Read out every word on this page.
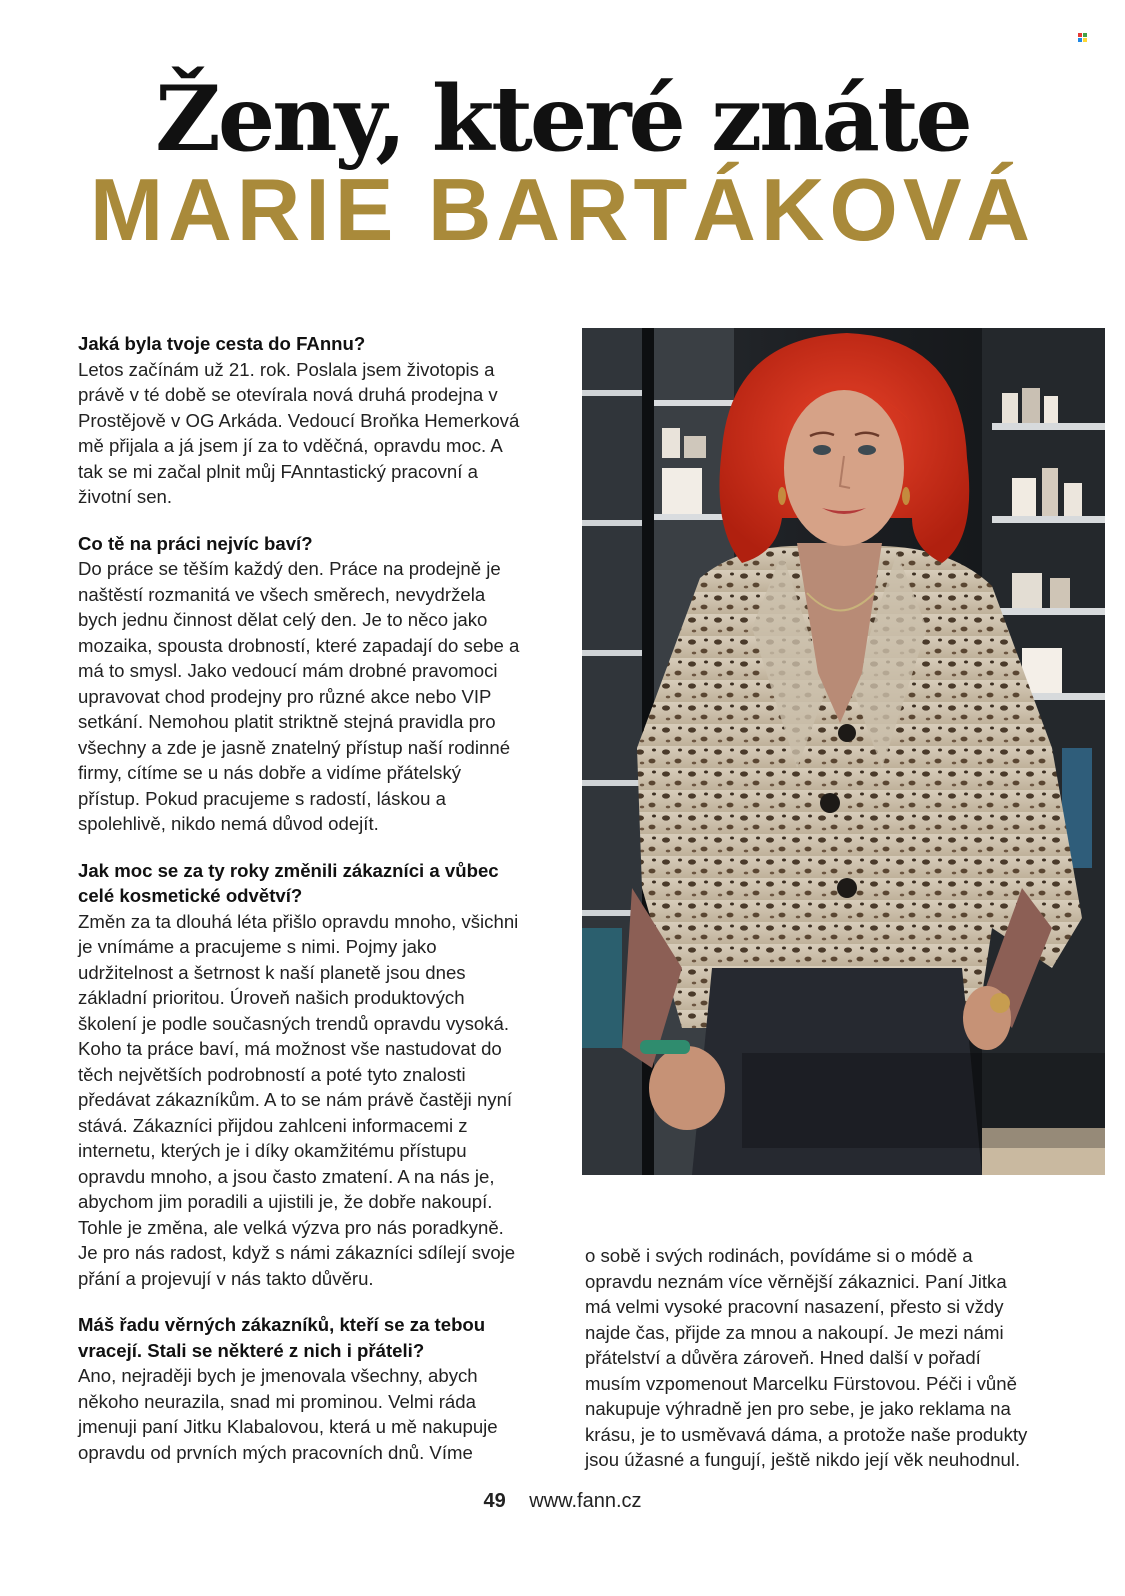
Ženy, které znáte
MARIE BARTÁKOVÁ

Jaká byla tvoje cesta do FAnnu?
Letos začínám už 21. rok. Poslala jsem životopis a právě v té době se otevírala nová druhá prodejna v Prostějově v OG Arkáda. Vedoucí Broňka Hemerková mě přijala a já jsem jí za to vděčná, opravdu moc. A tak se mi začal plnit můj FAnntastický pracovní a životní sen.

Co tě na práci nejvíc baví?
Do práce se těším každý den. Práce na prodejně je naštěstí rozmanitá ve všech směrech, nevydržela bych jednu činnost dělat celý den. Je to něco jako mozaika, spousta drobností, které zapadají do sebe a má to smysl. Jako vedoucí mám drobné pravomoci upravovat chod prodejny pro různé akce nebo VIP setkání. Nemohou platit striktně stejná pravidla pro všechny a zde je jasně znatelný přístup naší rodinné firmy, cítíme se u nás dobře a vidíme přátelský přístup. Pokud pracujeme s radostí, láskou a spolehlivě, nikdo nemá důvod odejít.

Jak moc se za ty roky změnili zákazníci a vůbec celé kosmetické odvětví?
Změn za ta dlouhá léta přišlo opravdu mnoho, všichni je vnímáme a pracujeme s nimi. Pojmy jako udržitelnost a šetrnost k naší planetě jsou dnes základní prioritou. Úroveň našich produktových školení je podle současných trendů opravdu vysoká. Koho ta práce baví, má možnost vše nastudovat do těch největších podrobností a poté tyto znalosti předávat zákazníkům. A to se nám právě častěji nyní stává. Zákazníci přijdou zahlceni informacemi z internetu, kterých je i díky okamžitému přístupu opravdu mnoho, a jsou často zmatení. A na nás je, abychom jim poradili a ujistili je, že dobře nakoupí. Tohle je změna, ale velká výzva pro nás poradkyně. Je pro nás radost, když s námi zákazníci sdílejí svoje přání a projevují v nás takto důvěru.

Máš řadu věrných zákazníků, kteří se za tebou vracejí. Stali se některé z nich i přáteli?
Ano, nejraději bych je jmenovala všechny, abych někoho neurazila, snad mi prominou. Velmi ráda jmenuji paní Jitku Klabalovou, která u mě nakupuje opravdu od prvních mých pracovních dnů. Víme

o sobě i svých rodinách, povídáme si o módě a opravdu neznám více věrnější zákaznici. Paní Jitka má velmi vysoké pracovní nasazení, přesto si vždy najde čas, přijde za mnou a nakoupí. Je mezi námi přátelství a důvěra zároveň. Hned další v pořadí musím vzpomenout Marcelku Fürstovou. Péči i vůně nakupuje výhradně jen pro sebe, je jako reklama na krásu, je to usměvavá dáma, a protože naše produkty jsou úžasné a fungují, ještě nikdo její věk neuhodnul.

49 www.fann.cz
